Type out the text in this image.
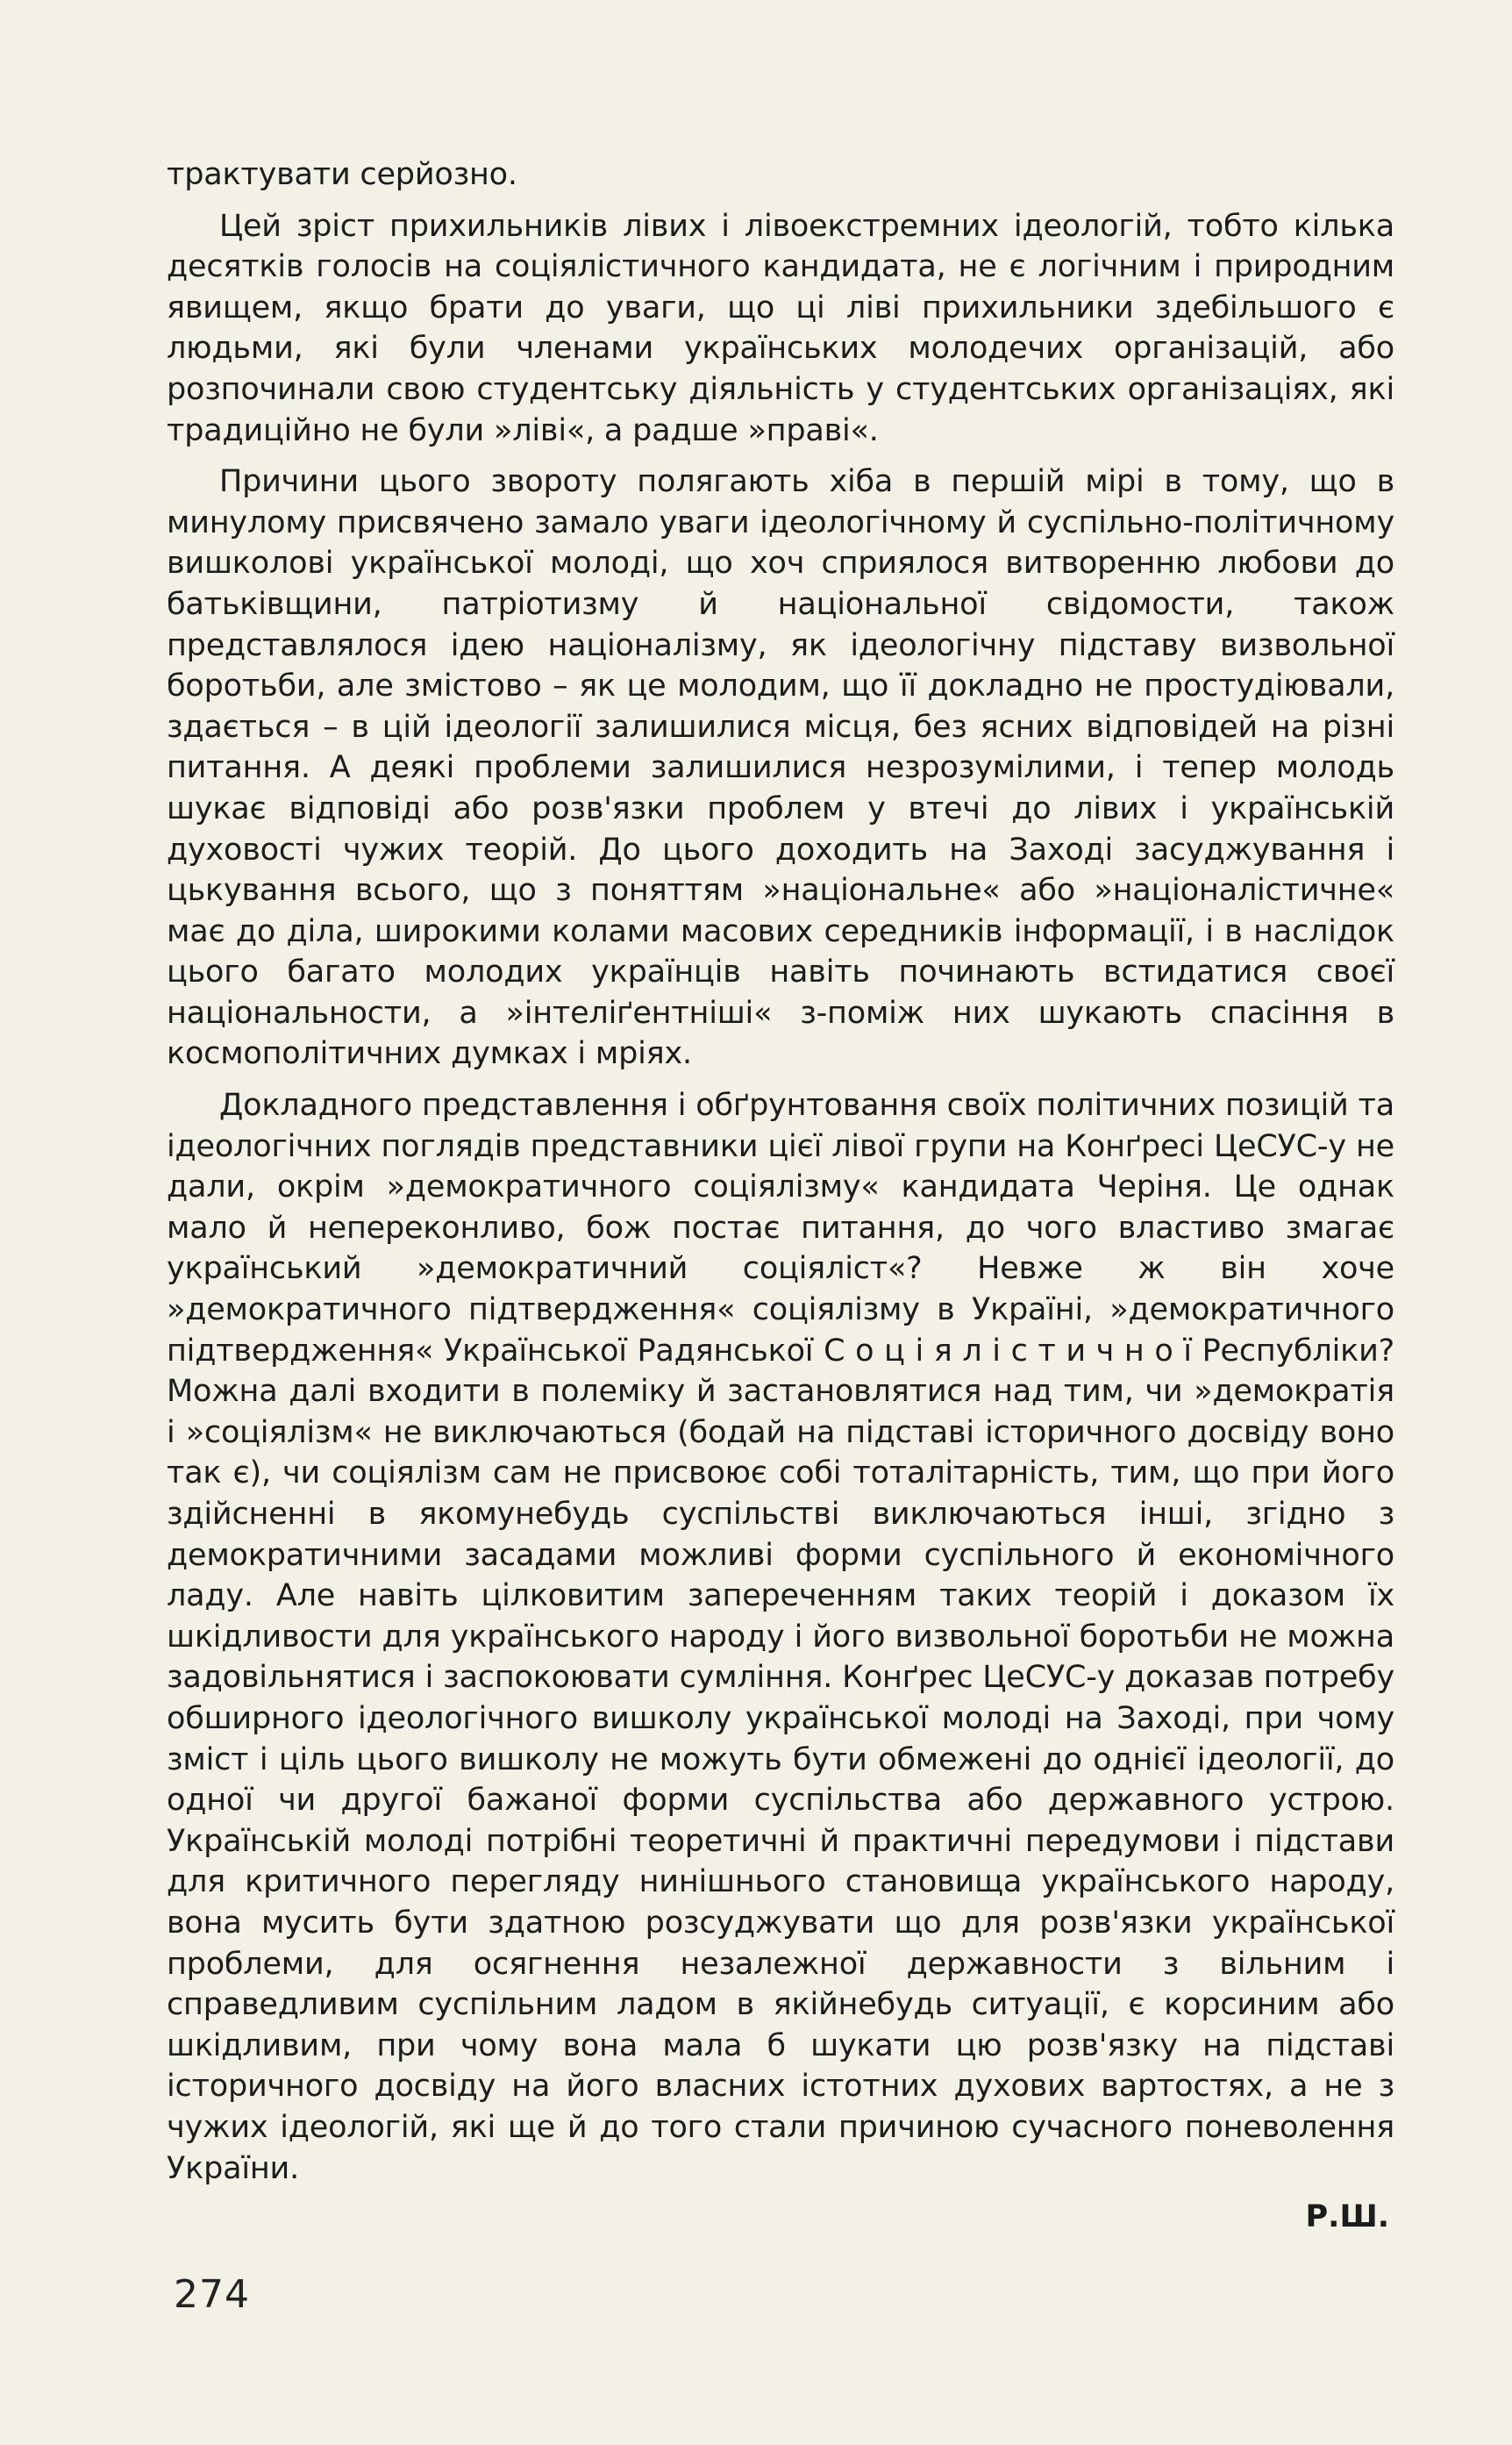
трактувати серйозно.

Цей зріст прихильників лівих і лівоекстремних ідеологій, тобто кілька десятків голосів на соціялістичного кандидата, не є логічним і природним явищем, якщо брати до уваги, що ці ліві прихильники здебільшого є людьми, які були членами українських молодечих організацій, або розпочинали свою студентську діяльність у студентських організаціях, які традиційно не були »ліві«, а радше »праві«.

Причини цього звороту полягають хіба в першій мірі в тому, що в минулому присвячено замало уваги ідеологічному й суспільно-політичному вишколові української молоді, що хоч сприялося витворенню любови до батьківщини, патріотизму й національної свідомости, також представлялося ідею націоналізму, як ідеологічну підставу визвольної боротьби, але змістово – як це молодим, що її докладно не простудіювали, здається – в цій ідеології залишилися місця, без ясних відповідей на різні питання. А деякі проблеми залишилися незрозумілими, і тепер молодь шукає відповіді або розв'язки проблем у втечі до лівих і українській духовості чужих теорій. До цього доходить на Заході засуджування і цькування всього, що з поняттям »національне« або »націоналістичне« має до діла, широкими колами масових середників інформації, і в наслідок цього багато молодих українців навіть починають встидатися своєї національности, а »інтеліґентніші« з-поміж них шукають спасіння в космополітичних думках і мріях.

Докладного представлення і обґрунтовання своїх політичних позицій та ідеологічних поглядів представники цієї лівої групи на Конґресі ЦеСУС-у не дали, окрім »демократичного соціялізму« кандидата Черіня. Це однак мало й непереконливо, бож постає питання, до чого властиво змагає український »демократичний соціяліст«? Невже ж він хоче »демократичного підтвердження« соціялізму в Україні, »демократичного підтвердження« Української Радянської С о ц і я л і с т и ч н о ї Республіки? Можна далі входити в полеміку й застановлятися над тим, чи »демократія і »соціялізм« не виключаються (бодай на підставі історичного досвіду воно так є), чи соціялізм сам не присвоює собі тоталітарність, тим, що при його здійсненні в якомунебудь суспільстві виключаються інші, згідно з демократичними засадами можливі форми суспільного й економічного ладу. Але навіть цілковитим запереченням таких теорій і доказом їх шкідливости для українського народу і його визвольної боротьби не можна задовільнятися і заспокоювати сумління. Конґрес ЦеСУС-у доказав потребу обширного ідеологічного вишколу української молоді на Заході, при чому зміст і ціль цього вишколу не можуть бути обмежені до однієї ідеології, до одної чи другої бажаної форми суспільства або державного устрою. Українській молоді потрібні теоретичні й практичні передумови і підстави для критичного перегляду нинішнього становища українського народу, вона мусить бути здатною розсуджувати що для розв'язки української проблеми, для осягнення незалежної державности з вільним і справедливим суспільним ладом в якійнебудь ситуації, є корсиним або шкідливим, при чому вона мала б шукати цю розв'язку на підставі історичного досвіду на його власних істотних духових вартостях, а не з чужих ідеологій, які ще й до того стали причиною сучасного поневолення України.

Р.Ш.
274
